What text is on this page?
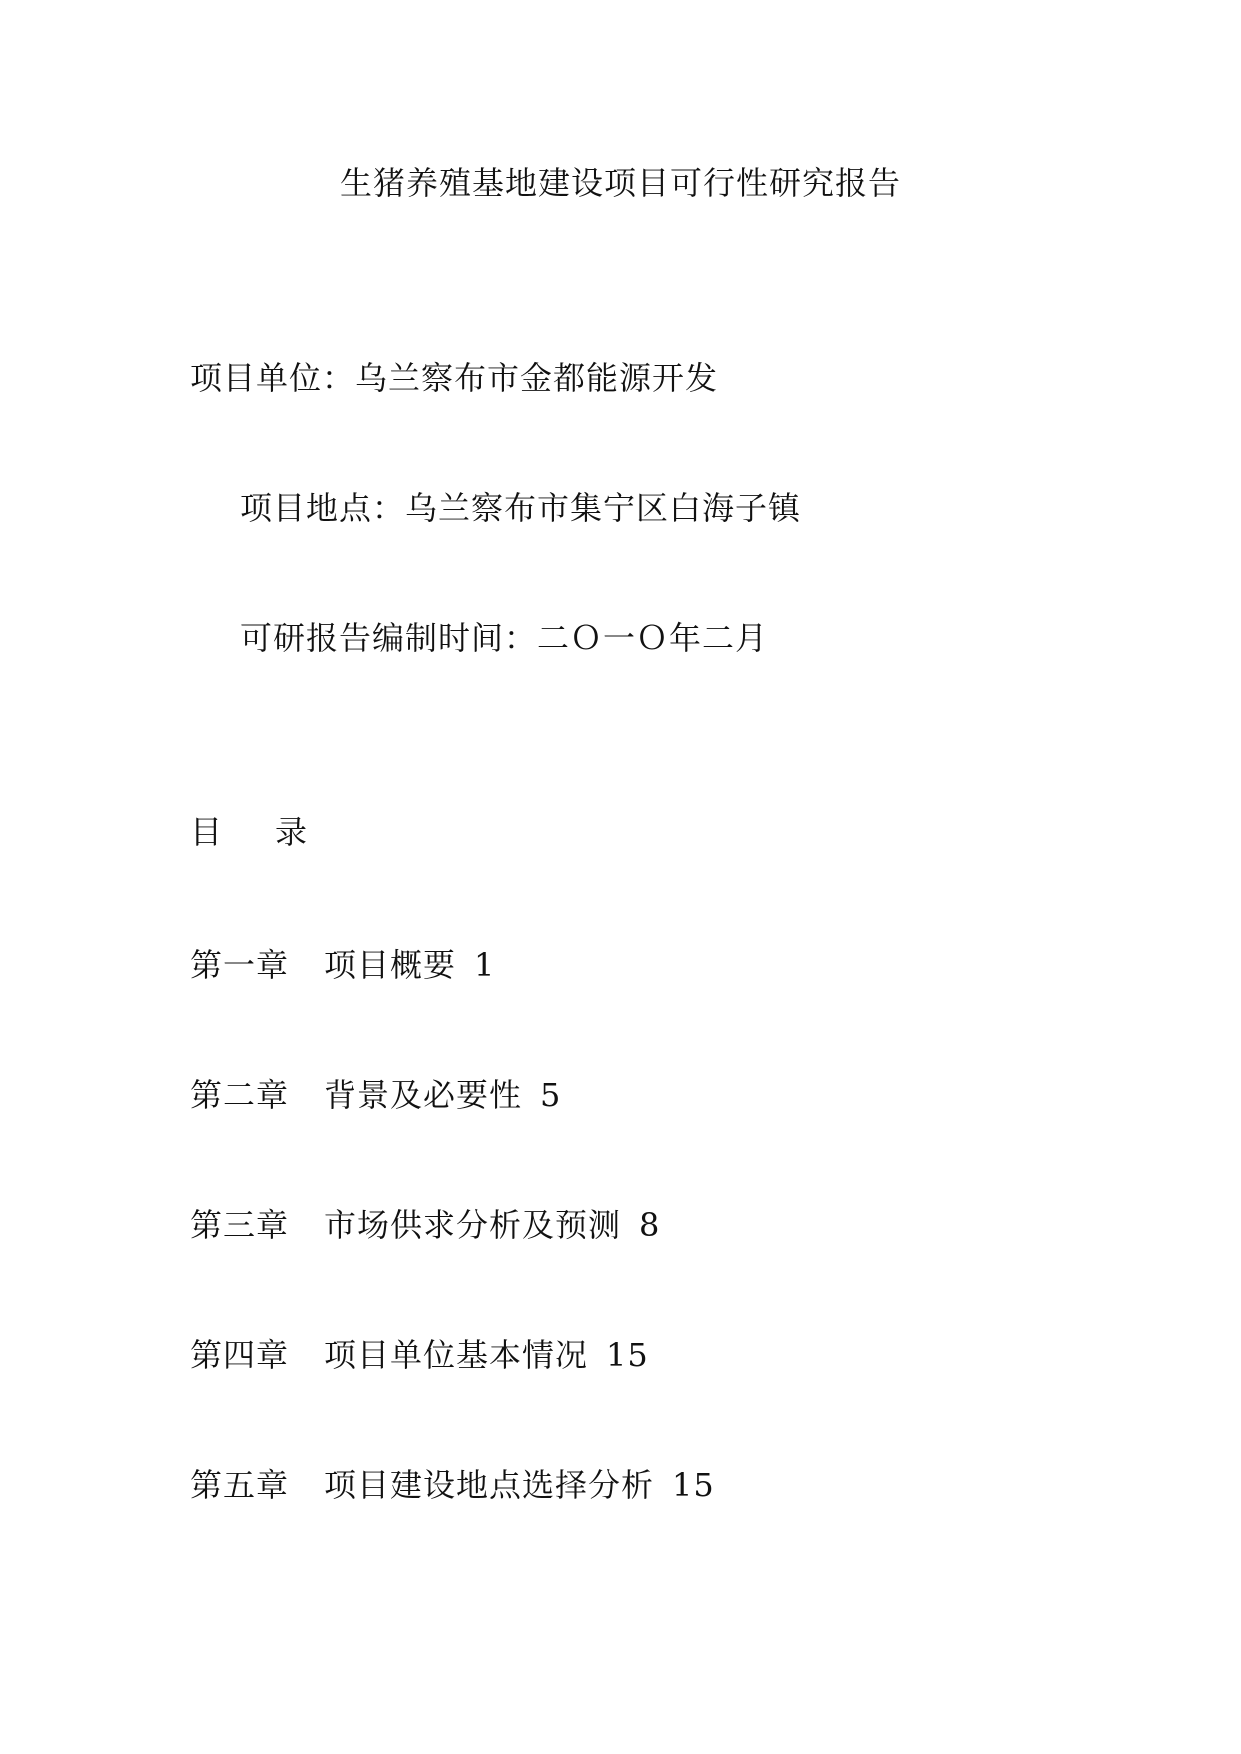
生猪养殖基地建设项目可行性研究报告
项目单位：乌兰察布市金都能源开发
项目地点：乌兰察布市集宁区白海子镇
可研报告编制时间：二Ｏ一Ｏ年二月
目 录
第一章 项目概要 1
第二章 背景及必要性 5
第三章 市场供求分析及预测 8
第四章 项目单位基本情况 15
第五章 项目建设地点选择分析 15
